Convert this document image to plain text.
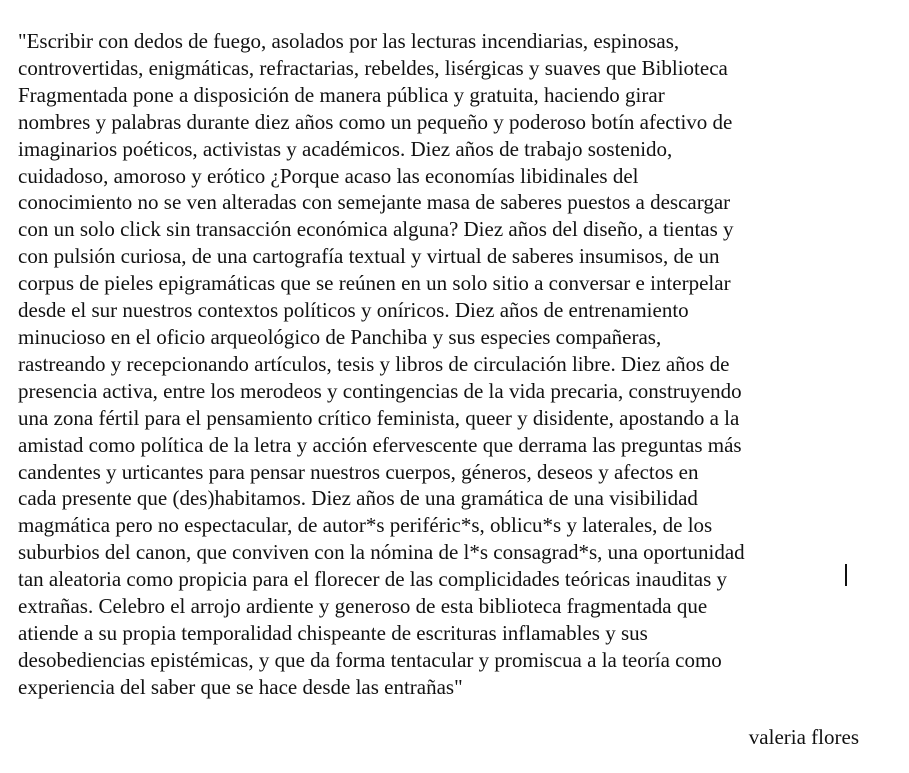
"Escribir con dedos de fuego, asolados por las lecturas incendiarias, espinosas,
controvertidas, enigmáticas, refractarias, rebeldes, lisérgicas y suaves que Biblioteca
Fragmentada pone a disposición de manera pública y gratuita, haciendo girar
nombres y palabras durante diez años como un pequeño y poderoso botín afectivo de
imaginarios poéticos, activistas y académicos. Diez años de trabajo sostenido,
cuidadoso, amoroso y erótico ¿Porque acaso las economías libidinales del
conocimiento no se ven alteradas con semejante masa de saberes puestos a descargar
con un solo click sin transacción económica alguna? Diez años del diseño, a tientas y
con pulsión curiosa, de una cartografía textual y virtual de saberes insumisos, de un
corpus de pieles epigramáticas que se reúnen en un solo sitio a conversar e interpelar
desde el sur nuestros contextos políticos y oníricos. Diez años de entrenamiento
minucioso en el oficio arqueológico de Panchiba y sus especies compañeras,
rastreando y recepcionando artículos, tesis y libros de circulación libre. Diez años de
presencia activa, entre los merodeos y contingencias de la vida precaria, construyendo
una zona fértil para el pensamiento crítico feminista, queer y disidente, apostando a la
amistad como política de la letra y acción efervescente que derrama las preguntas más
candentes y urticantes para pensar nuestros cuerpos, géneros, deseos y afectos en
cada presente que (des)habitamos. Diez años de una gramática de una visibilidad
magmática pero no espectacular, de autor*s periféric*s, oblicu*s y laterales, de los
suburbios del canon, que conviven con la nómina de l*s consagrad*s, una oportunidad
tan aleatoria como propicia para el florecer de las complicidades teóricas inauditas y
extrañas. Celebro el arrojo ardiente y generoso de esta biblioteca fragmentada que
atiende a su propia temporalidad chispeante de escrituras inflamables y sus
desobediencias epistémicas, y que da forma tentacular y promiscua a la teoría como
experiencia del saber que se hace desde las entrañas"
valeria flores
